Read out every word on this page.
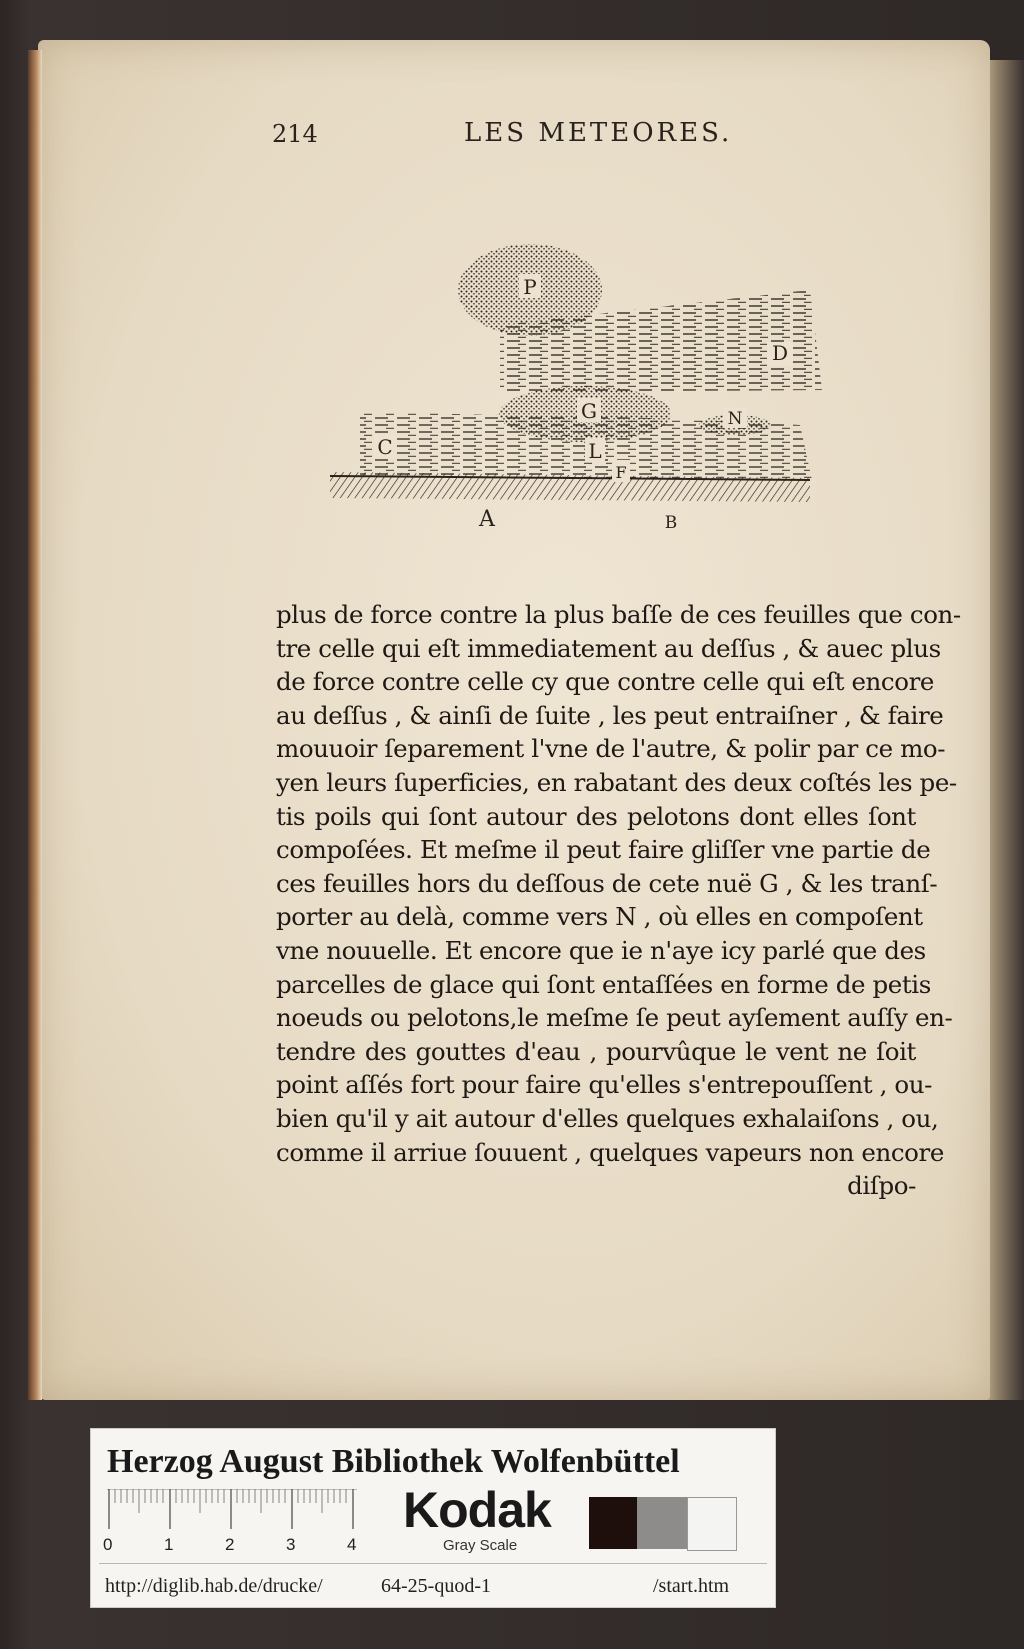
214	LES METEORES.
P
D
G	N
C	L
F
A	B
plus de force contre la plus baſſe de ces feuilles que con-
tre celle qui eſt immediatement au deſſus , & auec plus
de force contre celle cy que contre celle qui eſt encore
au deſſus , & ainſi de ſuite , les peut entraiſner , & faire
mouuoir ſeparement l'vne de l'autre, & polir par ce mo-
yen leurs ſuperficies, en rabatant des deux coſtés les pe-
tis poils qui ſont autour des pelotons dont elles ſont
compoſées. Et meſme il peut faire gliſſer vne partie de
ces feuilles hors du deſſous de cete nuë G , & les tranſ-
porter au delà, comme vers N , où elles en compoſent
vne nouuelle. Et encore que ie n'aye icy parlé que des
parcelles de glace qui ſont entaſſées en forme de petis
noeuds ou pelotons,le meſme ſe peut ayſement auſſy en-
tendre des gouttes d'eau , pourvûque le vent ne ſoit
point aſſés fort pour faire qu'elles s'entrepouſſent , ou-
bien qu'il y ait autour d'elles quelques exhalaiſons , ou,
comme il arriue ſouuent , quelques vapeurs non encore
diſpo-
Herzog August Bibliothek Wolfenbüttel
0	1	2	3	4
Kodak
Gray Scale
http://diglib.hab.de/drucke/	64-25-quod-1	/start.htm
